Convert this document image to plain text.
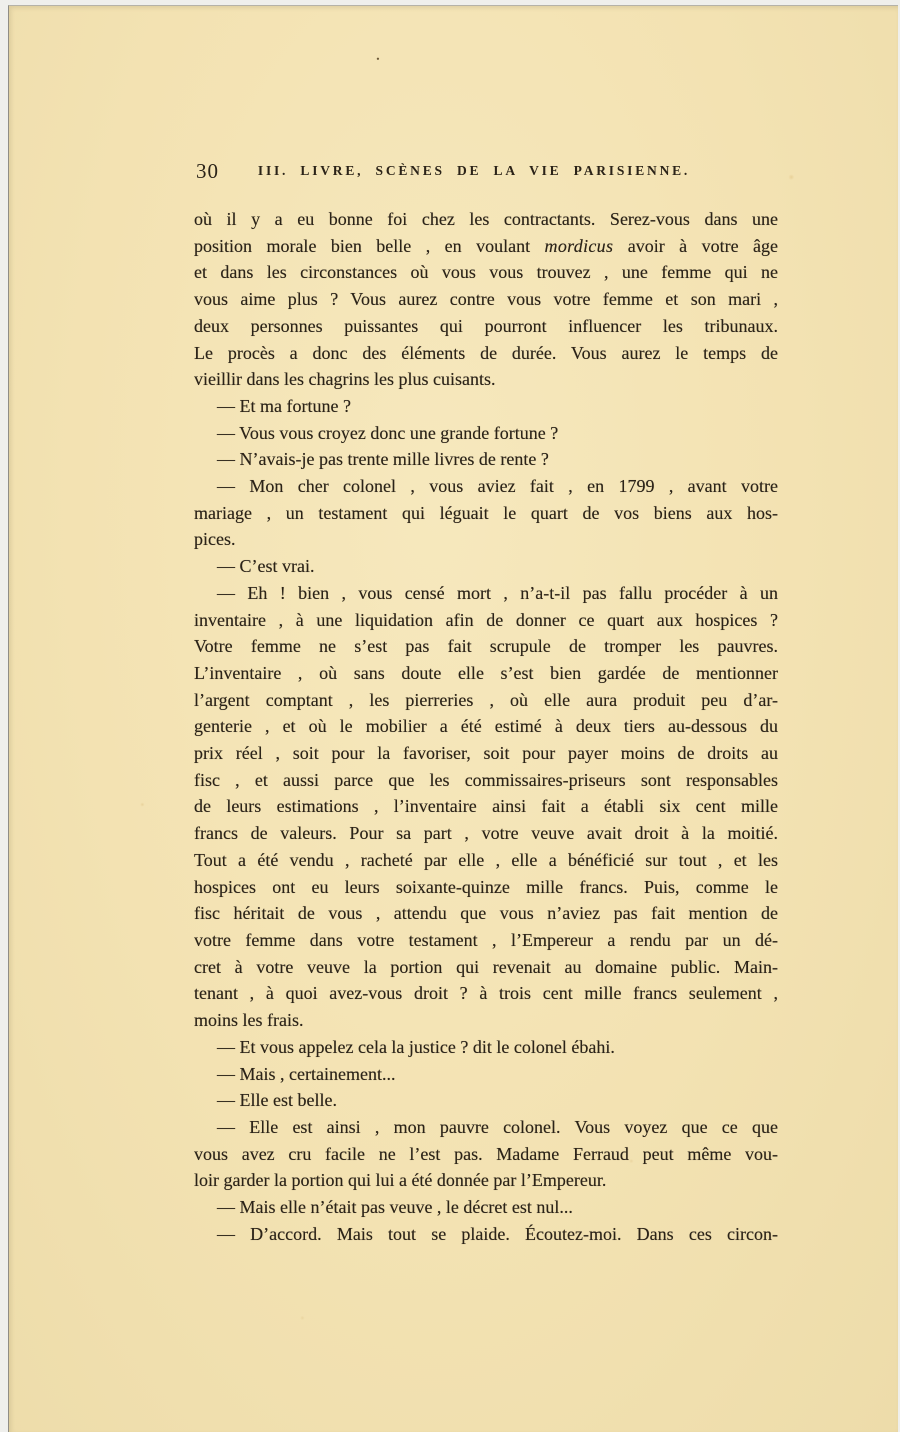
30	III. LIVRE, SCÈNES DE LA VIE PARISIENNE.
où il y a eu bonne foi chez les contractants. Serez-vous dans une
position morale bien belle , en voulant mordicus avoir à votre âge
et dans les circonstances où vous vous trouvez , une femme qui ne
vous aime plus ? Vous aurez contre vous votre femme et son mari ,
deux personnes puissantes qui pourront influencer les tribunaux.
Le procès a donc des éléments de durée. Vous aurez le temps de
vieillir dans les chagrins les plus cuisants.
— Et ma fortune ?
— Vous vous croyez donc une grande fortune ?
— N’avais-je pas trente mille livres de rente ?
— Mon cher colonel , vous aviez fait , en 1799 , avant votre
mariage , un testament qui léguait le quart de vos biens aux hos-
pices.
— C’est vrai.
— Eh ! bien , vous censé mort , n’a-t-il pas fallu procéder à un
inventaire , à une liquidation afin de donner ce quart aux hospices ?
Votre femme ne s’est pas fait scrupule de tromper les pauvres.
L’inventaire , où sans doute elle s’est bien gardée de mentionner
l’argent comptant , les pierreries , où elle aura produit peu d’ar-
genterie , et où le mobilier a été estimé à deux tiers au-dessous du
prix réel , soit pour la favoriser, soit pour payer moins de droits au
fisc , et aussi parce que les commissaires-priseurs sont responsables
de leurs estimations , l’inventaire ainsi fait a établi six cent mille
francs de valeurs. Pour sa part , votre veuve avait droit à la moitié.
Tout a été vendu , racheté par elle , elle a bénéficié sur tout , et les
hospices ont eu leurs soixante-quinze mille francs. Puis, comme le
fisc héritait de vous , attendu que vous n’aviez pas fait mention de
votre femme dans votre testament , l’Empereur a rendu par un dé-
cret à votre veuve la portion qui revenait au domaine public. Main-
tenant , à quoi avez-vous droit ? à trois cent mille francs seulement ,
moins les frais.
— Et vous appelez cela la justice ? dit le colonel ébahi.
— Mais , certainement...
— Elle est belle.
— Elle est ainsi , mon pauvre colonel. Vous voyez que ce que
vous avez cru facile ne l’est pas. Madame Ferraud peut même vou-
loir garder la portion qui lui a été donnée par l’Empereur.
— Mais elle n’était pas veuve , le décret est nul...
— D’accord. Mais tout se plaide. Écoutez-moi. Dans ces circon-
